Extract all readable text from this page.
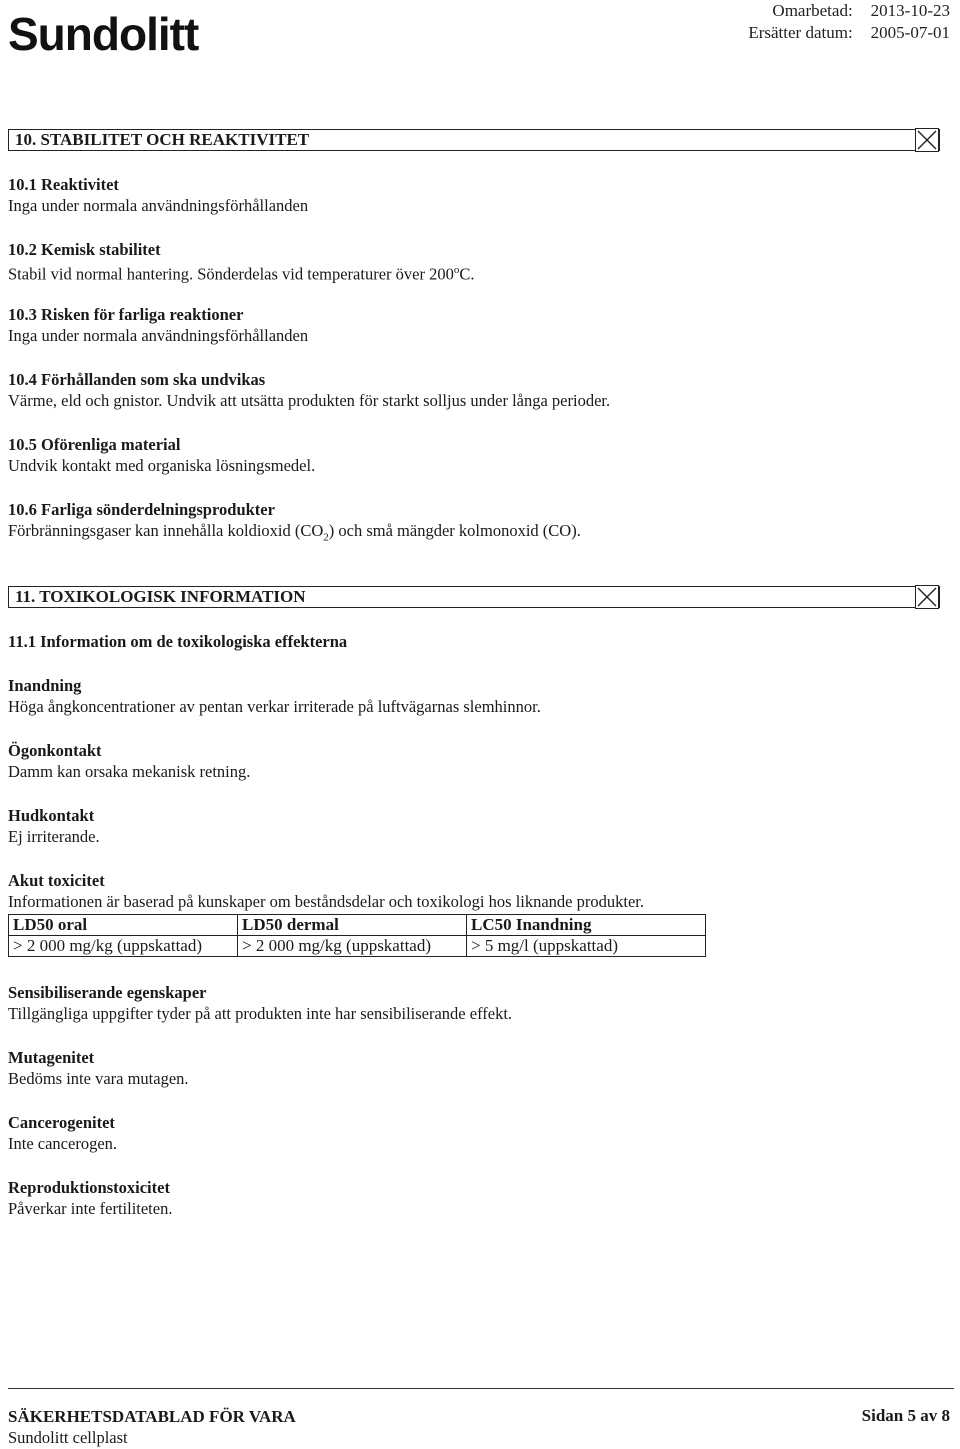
Sundolitt	Omarbetad: 2013-10-23
Ersätter datum: 2005-07-01
10. STABILITET OCH REAKTIVITET
10.1 Reaktivitet
Inga under normala användningsförhållanden
10.2 Kemisk stabilitet
Stabil vid normal hantering. Sönderdelas vid temperaturer över 200$^o$C.
10.3 Risken för farliga reaktioner
Inga under normala användningsförhållanden
10.4 Förhållanden som ska undvikas
Värme, eld och gnistor. Undvik att utsätta produkten för starkt solljus under långa perioder.
10.5 Oförenliga material
Undvik kontakt med organiska lösningsmedel.
10.6 Farliga sönderdelningsprodukter
Förbränningsgaser kan innehålla koldioxid $(CO_2)$ och små mängder kolmonoxid (CO).
11. TOXIKOLOGISK INFORMATION
11.1 Information om de toxikologiska effekterna
Inandning
Höga ångkoncentrationer av pentan verkar irriterade på luftvägarnas slemhinnor.
Ögonkontakt
Damm kan orsaka mekanisk retning.
Hudkontakt
Ej irriterande.
Akut toxicitet
Informationen är baserad på kunskaper om beståndsdelar och toxikologi hos liknande produkter.
LD50 oral	LD50 dermal	LC50 Inandning
> 2 000 mg/kg (uppskattad)	> 2 000 mg/kg (uppskattad)	> 5 mg/l (uppskattad)
Sensibiliserande egenskaper
Tillgängliga uppgifter tyder på att produkten inte har sensibiliserande effekt.
Mutagenitet
Bedöms inte vara mutagen.
Cancerogenitet
Inte cancerogen.
Reproduktionstoxicitet
Påverkar inte fertiliteten.
SÄKERHETSDATABLAD FÖR VARA
Sundolitt cellplast
Sidan 5 av 8
